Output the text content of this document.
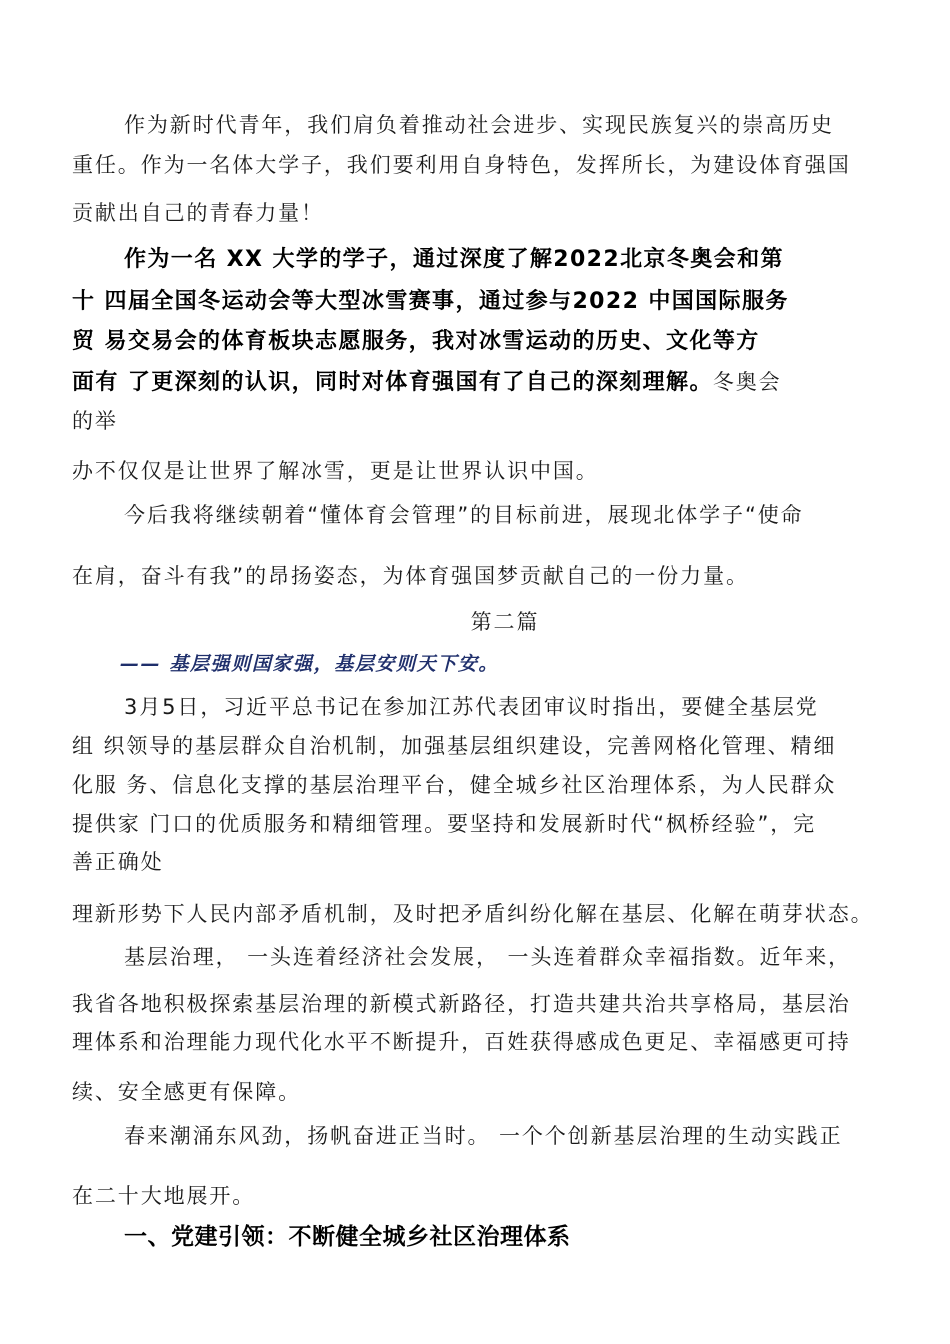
作为新时代青年，我们肩负着推动社会进步、实现民族复兴的崇高历史
重任。作为一名体大学子，我们要利用自身特色，发挥所长，为建设体育强国
贡献出自己的青春力量！
作为一名 XX 大学的学子，通过深度了解2022北京冬奥会和第
十 四届全国冬运动会等大型冰雪赛事，通过参与2022 中国国际服务
贸 易交易会的体育板块志愿服务，我对冰雪运动的历史、文化等方
面有 了更深刻的认识，同时对体育强国有了自己的深刻理解。冬奥会
的举
办不仅仅是让世界了解冰雪，更是让世界认识中国。
今后我将继续朝着“懂体育会管理”的目标前进，展现北体学子“使命
在肩，奋斗有我”的昂扬姿态，为体育强国梦贡献自己的一份力量。
第二篇
—— 基层强则国家强，基层安则天下安。
3月5日，习近平总书记在参加江苏代表团审议时指出，要健全基层党
组 织领导的基层群众自治机制，加强基层组织建设，完善网格化管理、精细
化服 务、信息化支撑的基层治理平台，健全城乡社区治理体系，为人民群众
提供家 门口的优质服务和精细管理。要坚持和发展新时代“枫桥经验”，完
善正确处
理新形势下人民内部矛盾机制，及时把矛盾纠纷化解在基层、化解在萌芽状态。
基层治理， 一头连着经济社会发展， 一头连着群众幸福指数。近年来，
我省各地积极探索基层治理的新模式新路径，打造共建共治共享格局，基层治
理体系和治理能力现代化水平不断提升，百姓获得感成色更足、幸福感更可持
续、安全感更有保障。
春来潮涌东风劲，扬帆奋进正当时。 一个个创新基层治理的生动实践正
在二十大地展开。
一、党建引领：不断健全城乡社区治理体系
